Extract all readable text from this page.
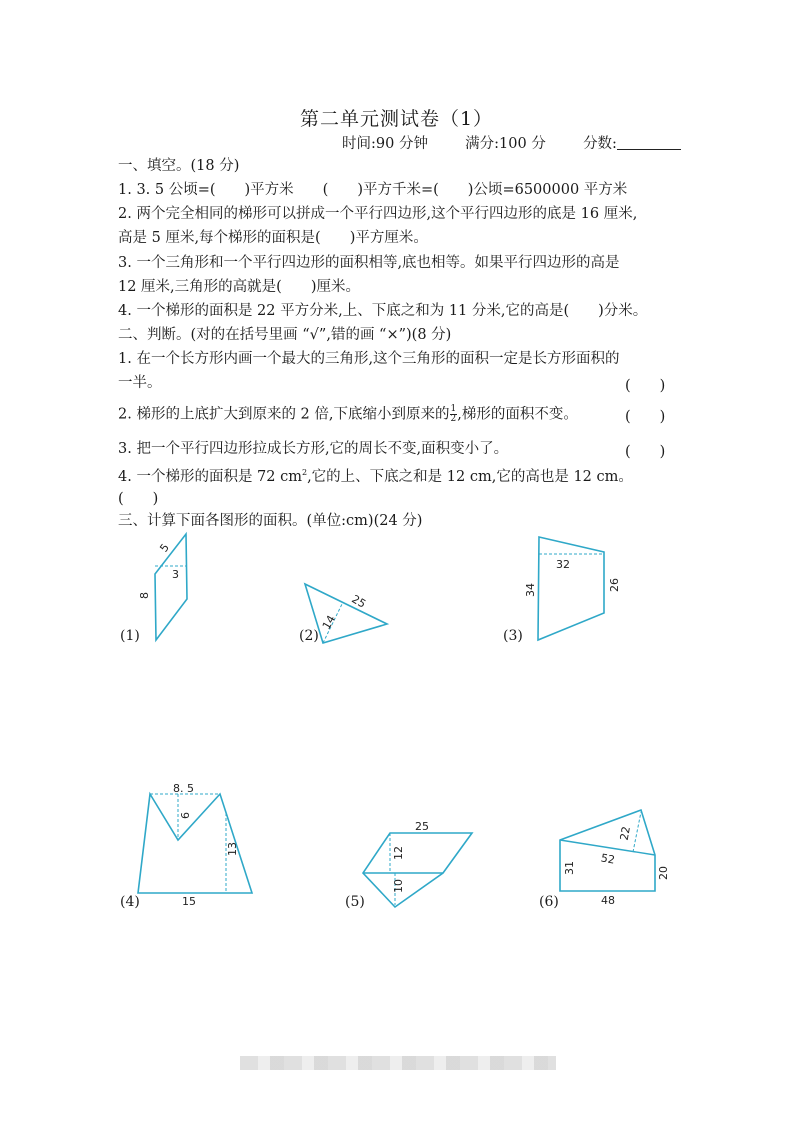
第二单元测试卷（1）
时间:90 分钟	满分:100 分	分数:
一、填空。(18 分)
1. 3. 5 公顷=(　　)平方米　　(　　)平方千米=(　　)公顷=6500000 平方米
2. 两个完全相同的梯形可以拼成一个平行四边形,这个平行四边形的底是 16 厘米,
高是 5 厘米,每个梯形的面积是(　　)平方厘米。
3. 一个三角形和一个平行四边形的面积相等,底也相等。如果平行四边形的高是
12 厘米,三角形的高就是(　　)厘米。
4. 一个梯形的面积是 22 平方分米,上、下底之和为 11 分米,它的高是(　　)分米。
二、判断。(对的在括号里画 “√”,错的画 “×”)(8 分)
1. 在一个长方形内画一个最大的三角形,这个三角形的面积一定是长方形面积的
一半。	(　　)
2. 梯形的上底扩大到原来的 2 倍,下底缩小到原来的 $\frac{1}{2}$ ,梯形的面积不变。	(　　)
3. 把一个平行四边形拉成长方形,它的周长不变,面积变小了。	(　　)
4. 一个梯形的面积是 72 $cm^2$,它的上、下底之和是 12 cm,它的高也是 12 cm。
(　　)
三、计算下面各图形的面积。(单位:cm)(24 分)
5
3
8
(1)
25
14
(2)
32
34	26
(3)
8. 5
6
13
15
(4)
25
12
10
(5)
22
52
31	20
48
(6)
